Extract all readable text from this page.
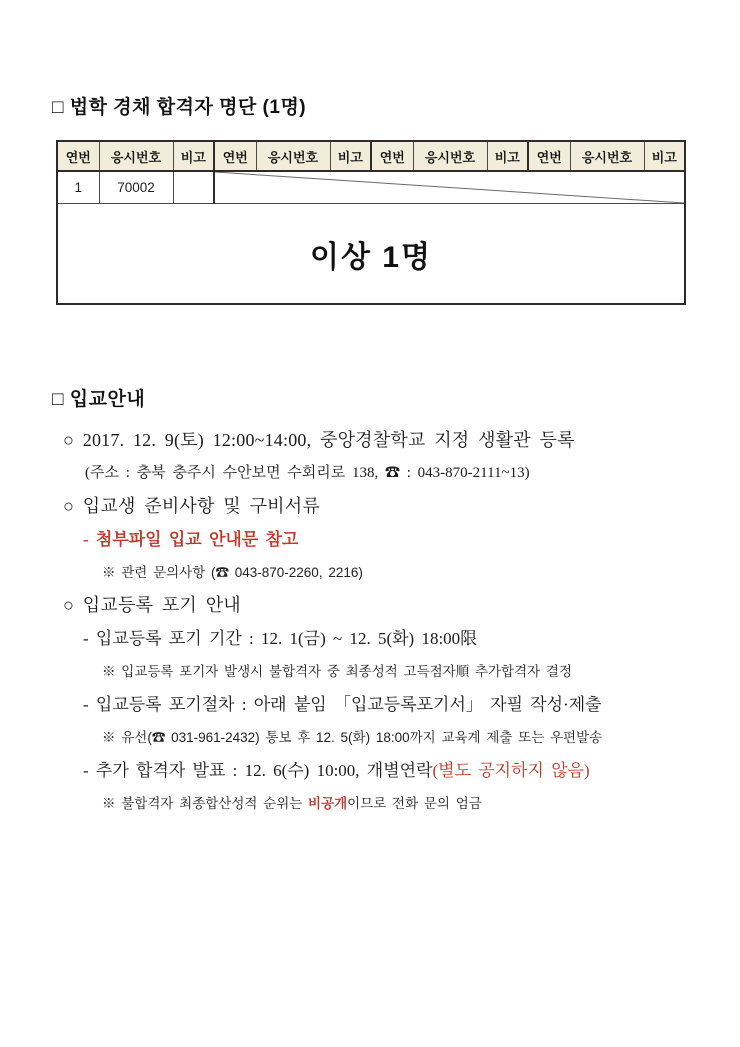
□ 법학 경채 합격자 명단 (1명)
연번	응시번호	비고	연번	응시번호	비고	연번	응시번호	비고	연번	응시번호	비고
1	70002		

이상 1명											
□ 입교안내
○ 2017. 12. 9(토) 12:00~14:00, 중앙경찰학교 지정 생활관 등록
(주소 : 충북 충주시 수안보면 수회리로 138, ☎ : 043-870-2111~13)
○ 입교생 준비사항 및 구비서류
- 첨부파일 입교 안내문 참고
※ 관련 문의사항 (☎ 043-870-2260, 2216)
○ 입교등록 포기 안내
- 입교등록 포기 기간 : 12. 1(금) ~ 12. 5(화) 18:00限
※ 입교등록 포기자 발생시 불합격자 중 최종성적 고득점자順 추가합격자 결정
- 입교등록 포기절차 : 아래 붙임 「입교등록포기서」 자필 작성·제출
※ 유선(☎ 031-961-2432) 통보 후 12. 5(화) 18:00까지 교육계 제출 또는 우편발송
- 추가 합격자 발표 : 12. 6(수) 10:00, 개별연락(별도 공지하지 않음)
※ 불합격자 최종합산성적 순위는 비공개이므로 전화 문의 엄금
